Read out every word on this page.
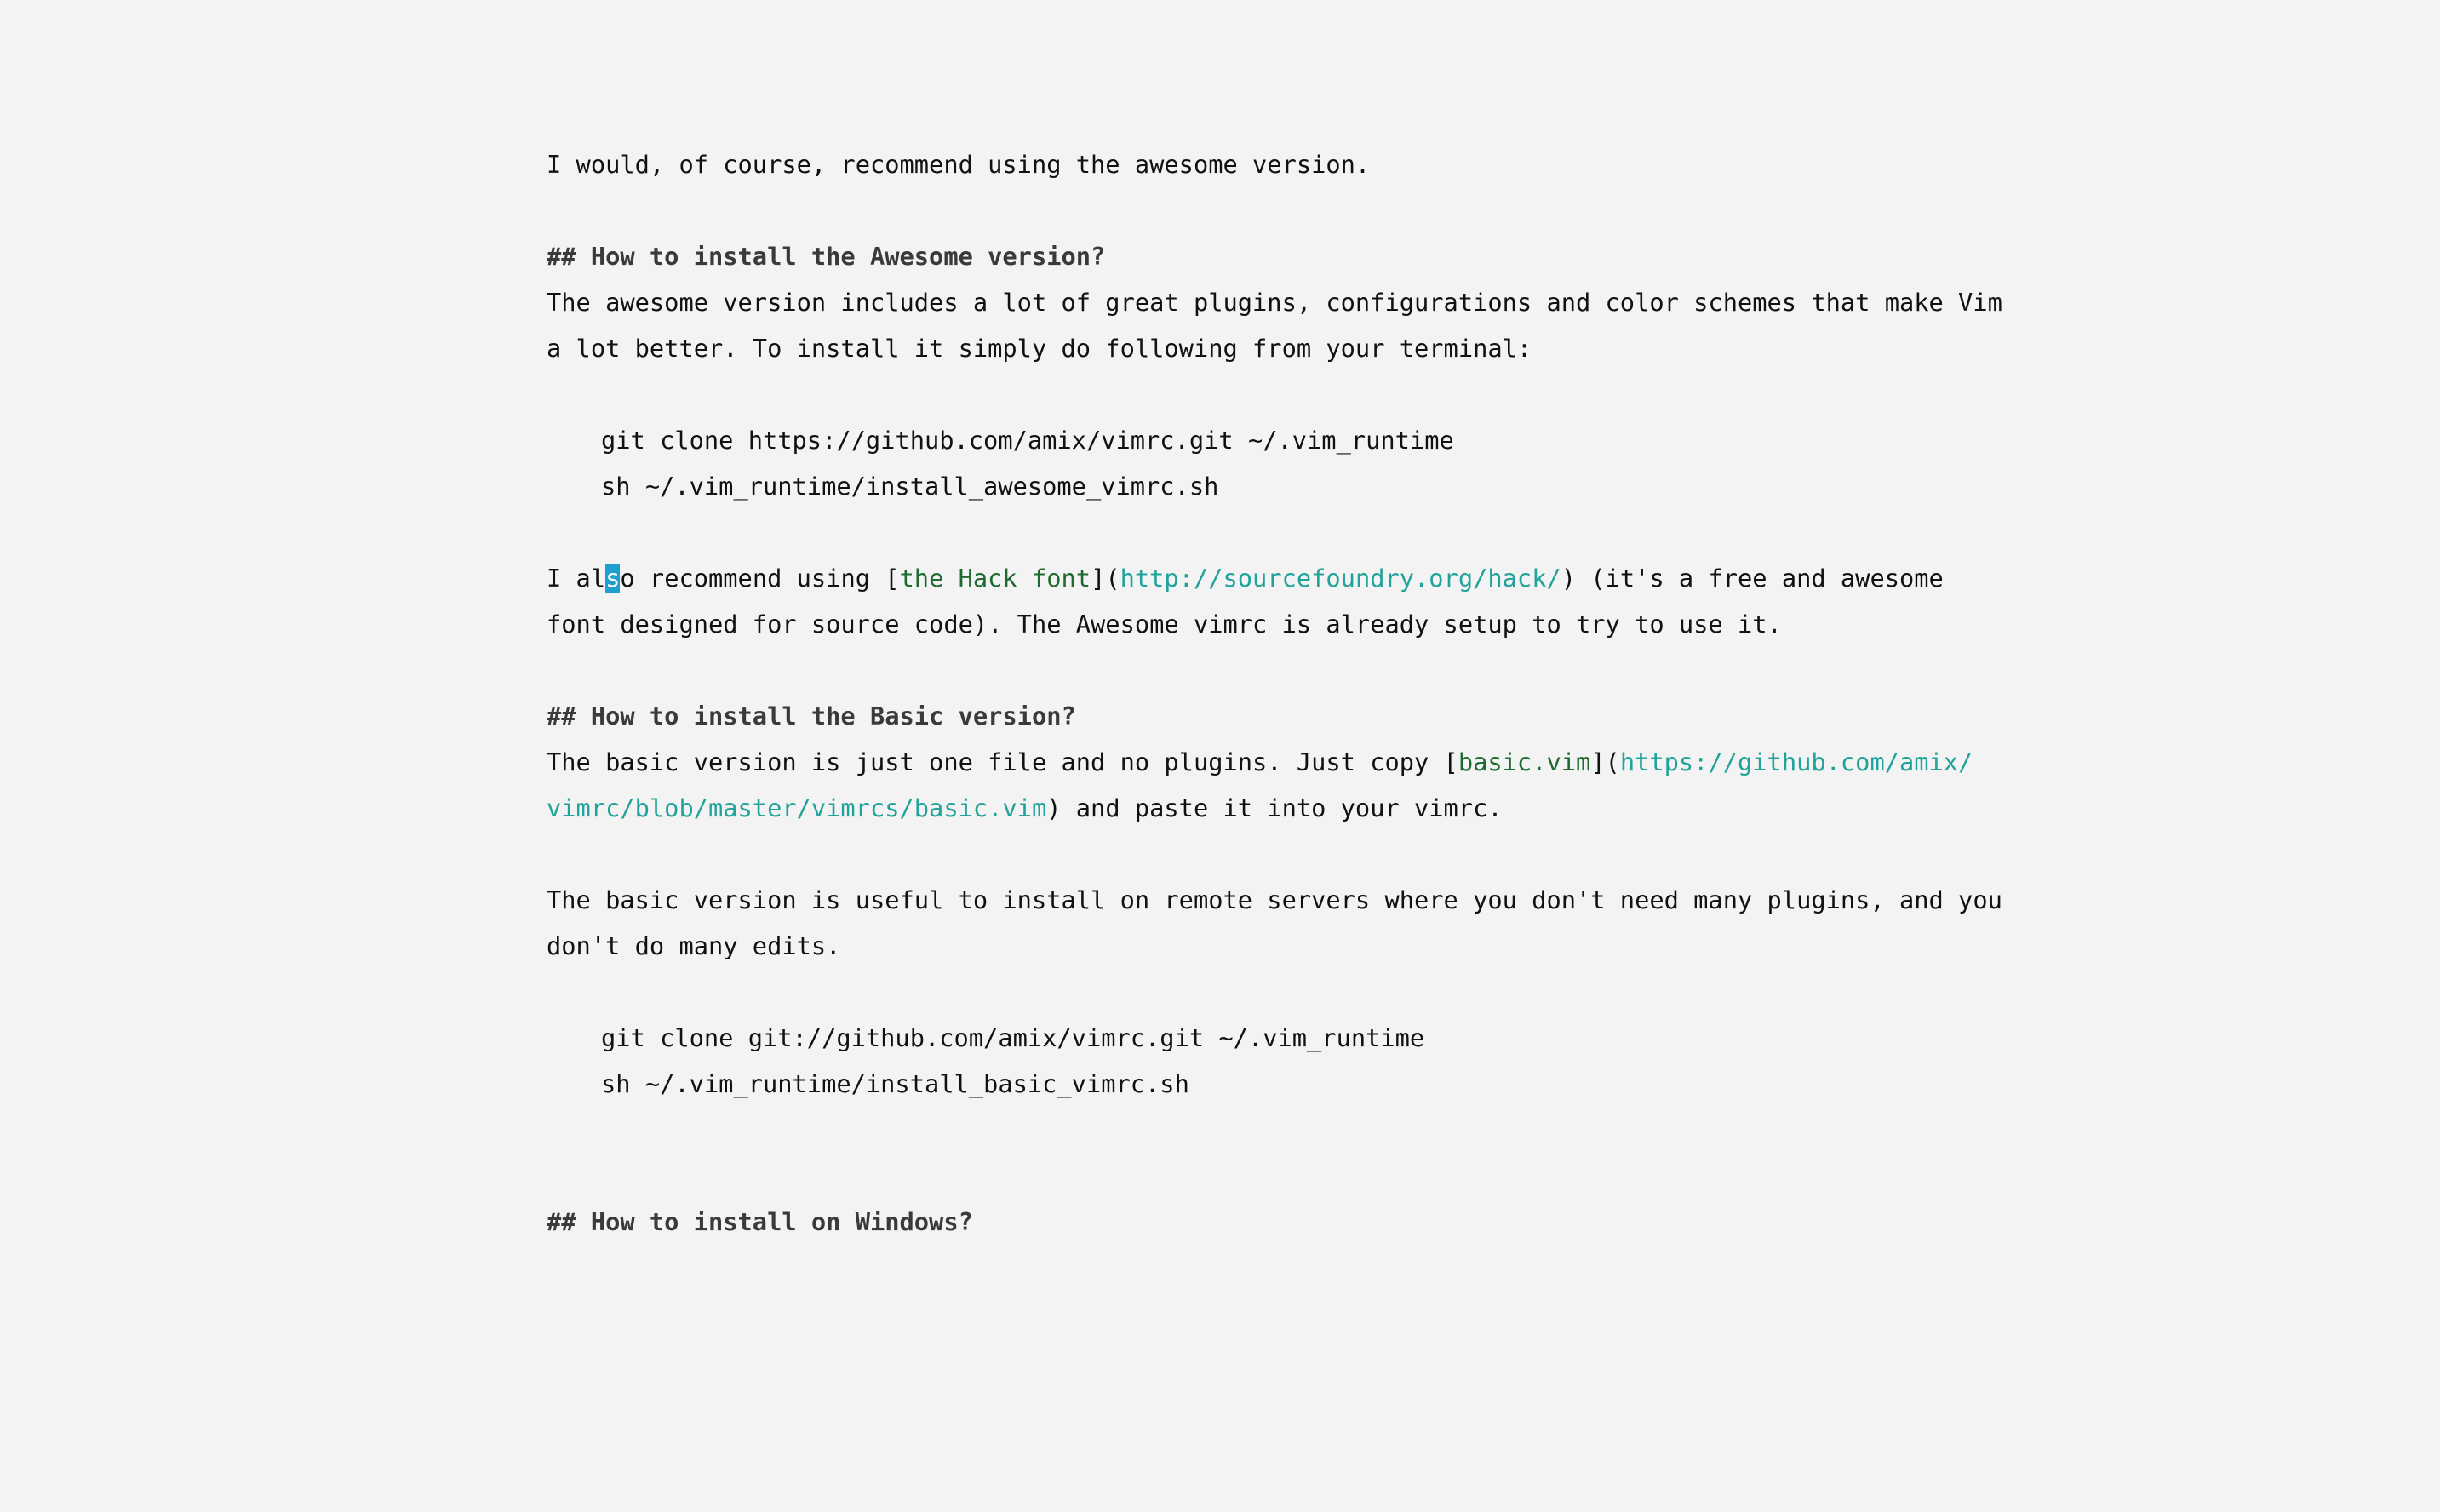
I would, of course, recommend using the awesome version.
## How to install the Awesome version?
The awesome version includes a lot of great plugins, configurations and color schemes that make Vim
a lot better. To install it simply do following from your terminal:
git clone https://github.com/amix/vimrc.git ~/.vim_runtime
sh ~/.vim_runtime/install_awesome_vimrc.sh
I also recommend using [the Hack font](http://sourcefoundry.org/hack/) (it's a free and awesome
font designed for source code). The Awesome vimrc is already setup to try to use it.
## How to install the Basic version?
The basic version is just one file and no plugins. Just copy [basic.vim](https://github.com/amix/
vimrc/blob/master/vimrcs/basic.vim) and paste it into your vimrc.
The basic version is useful to install on remote servers where you don't need many plugins, and you
don't do many edits.
git clone git://github.com/amix/vimrc.git ~/.vim_runtime
sh ~/.vim_runtime/install_basic_vimrc.sh
## How to install on Windows?
